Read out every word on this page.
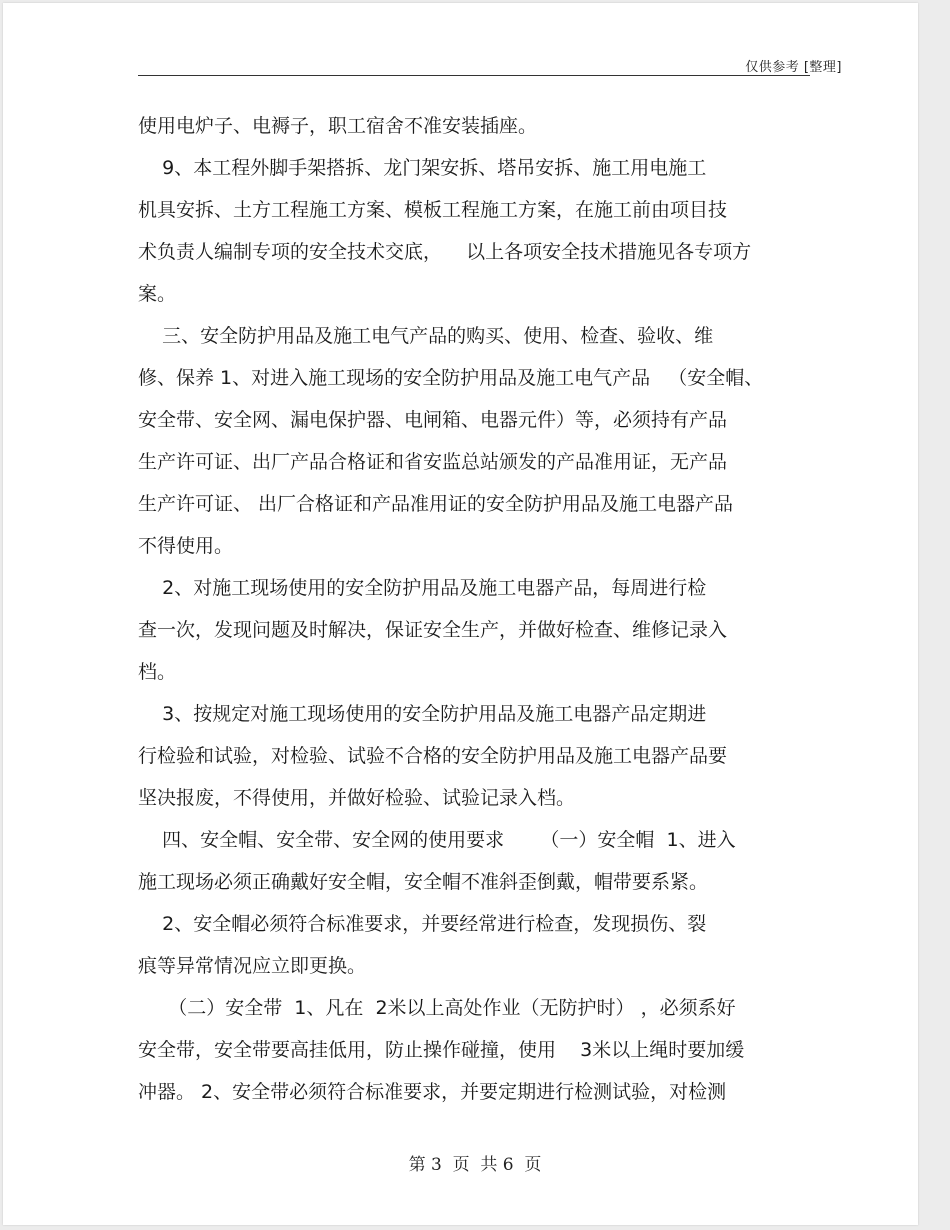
仅供参考 [整理]
使用电炉子、电褥子，职工宿舍不准安装插座。
9、本工程外脚手架搭拆、龙门架安拆、塔吊安拆、施工用电施工
机具安拆、土方工程施工方案、模板工程施工方案，在施工前由项目技
术负责人编制专项的安全技术交底，    以上各项安全技术措施见各专项方
案。
三、安全防护用品及施工电气产品的购买、使用、检查、验收、维
修、保养 1、对进入施工现场的安全防护用品及施工电气产品   （安全帽、
安全带、安全网、漏电保护器、电闸箱、电器元件）等，必须持有产品
生产许可证、出厂产品合格证和省安监总站颁发的产品准用证，无产品
生产许可证、 出厂合格证和产品准用证的安全防护用品及施工电器产品
不得使用。
2、对施工现场使用的安全防护用品及施工电器产品，每周进行检
查一次，发现问题及时解决，保证安全生产，并做好检查、维修记录入
档。
3、按规定对施工现场使用的安全防护用品及施工电器产品定期进
行检验和试验，对检验、试验不合格的安全防护用品及施工电器产品要
坚决报废，不得使用，并做好检验、试验记录入档。
四、安全帽、安全带、安全网的使用要求      （一）安全帽  1、进入
施工现场必须正确戴好安全帽，安全帽不准斜歪倒戴，帽带要系紧。
2、安全帽必须符合标准要求，并要经常进行检查，发现损伤、裂
痕等异常情况应立即更换。
（二）安全带  1、凡在  2米以上高处作业（无防护时） ，必须系好
安全带，安全带要高挂低用，防止操作碰撞，使用    3米以上绳时要加缓
冲器。 2、安全带必须符合标准要求，并要定期进行检测试验，对检测
第 3  页  共 6  页
